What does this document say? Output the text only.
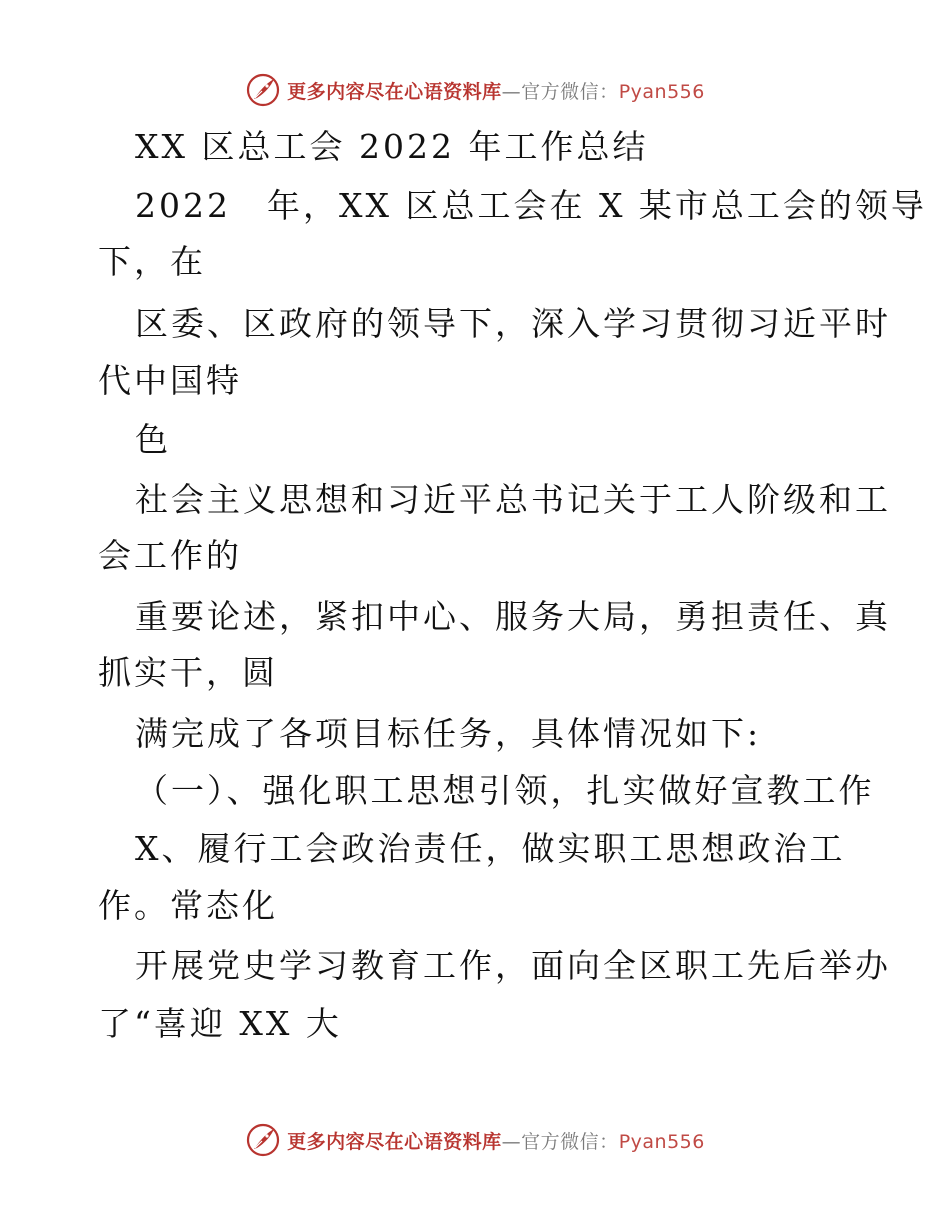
更多内容尽在心语资料库—官方微信：Pyan556
XX 区总工会 2022 年工作总结
2022　年，XX 区总工会在 X 某市总工会的领导
下，在
区委、区政府的领导下，深入学习贯彻习近平时
代中国特
色
社会主义思想和习近平总书记关于工人阶级和工
会工作的
重要论述，紧扣中心、服务大局，勇担责任、真
抓实干，圆
满完成了各项目标任务，具体情况如下:
（一）、强化职工思想引领，扎实做好宣教工作
X、履行工会政治责任，做实职工思想政治工
作。常态化
开展党史学习教育工作，面向全区职工先后举办
了“喜迎 XX 大
更多内容尽在心语资料库—官方微信：Pyan556
